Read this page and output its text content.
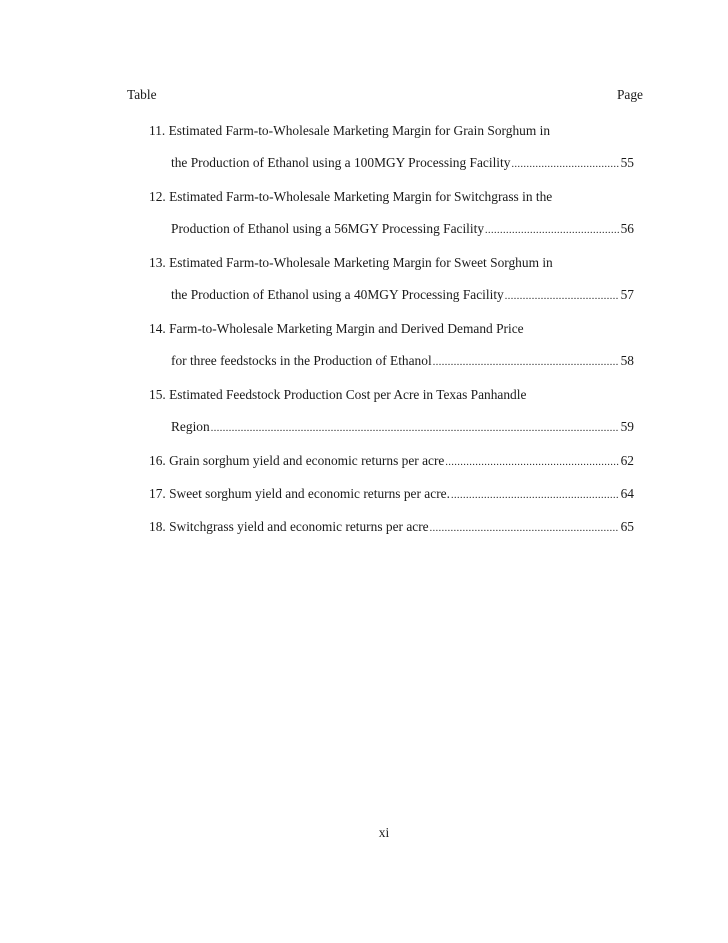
Table	Page
11. Estimated Farm-to-Wholesale Marketing Margin for Grain Sorghum in
the Production of Ethanol using a 100MGY Processing Facility .....	55
12. Estimated Farm-to-Wholesale Marketing Margin for Switchgrass in the
Production of Ethanol using a 56MGY Processing Facility .....	56
13. Estimated Farm-to-Wholesale Marketing Margin for Sweet Sorghum in
the Production of Ethanol using a 40MGY Processing Facility .....	57
14. Farm-to-Wholesale Marketing Margin and Derived Demand Price
for three feedstocks in the Production of Ethanol .....	58
15. Estimated Feedstock Production Cost per Acre in Texas Panhandle
Region .....	59
16. Grain sorghum yield and economic returns per acre .....	62
17. Sweet sorghum yield and economic returns per acre. .....	64
18. Switchgrass yield and economic returns per acre .....	65
xi
